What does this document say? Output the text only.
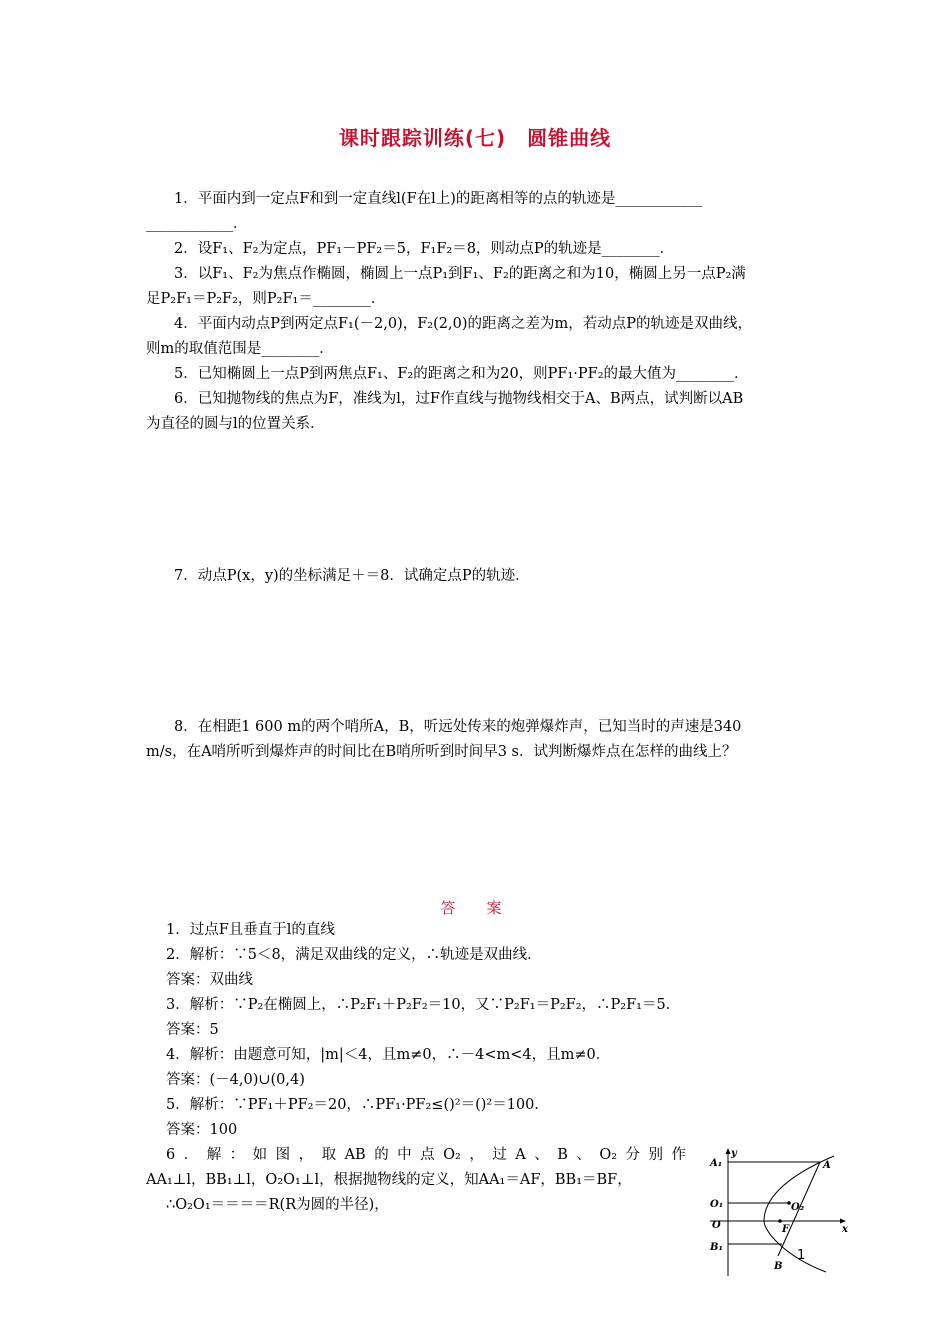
课时跟踪训练(七)　圆锥曲线

1．平面内到一定点F和到一定直线l(F在l上)的距离相等的点的轨迹是____________

____________．

2．设F₁、F₂为定点，PF₁－PF₂＝5，F₁F₂＝8，则动点P的轨迹是________．

3．以F₁、F₂为焦点作椭圆，椭圆上一点P₁到F₁、F₂的距离之和为10，椭圆上另一点P₂满

足P₂F₁＝P₂F₂，则P₂F₁＝________．

4．平面内动点P到两定点F₁(－2,0)，F₂(2,0)的距离之差为m，若动点P的轨迹是双曲线，

则m的取值范围是________．

5．已知椭圆上一点P到两焦点F₁、F₂的距离之和为20，则PF₁·PF₂的最大值为________．

6．已知抛物线的焦点为F，准线为l，过F作直线与抛物线相交于A、B两点，试判断以AB

为直径的圆与l的位置关系．

7．动点P(x，y)的坐标满足＋＝8．试确定点P的轨迹．

8．在相距1 600 m的两个哨所A，B，听远处传来的炮弹爆炸声，已知当时的声速是340

m/s，在A哨所听到爆炸声的时间比在B哨所听到时间早3 s．试判断爆炸点在怎样的曲线上？

答　案

1．过点F且垂直于l的直线

2．解析：∵5＜8，满足双曲线的定义，∴轨迹是双曲线．

答案：双曲线

3．解析：∵P₂在椭圆上，∴P₂F₁＋P₂F₂＝10，又∵P₂F₁＝P₂F₂，∴P₂F₁＝5．

答案：5

4．解析：由题意可知，|m|＜4，且m≠0，∴－4<m<4，且m≠0．

答案：(－4,0)∪(0,4)

5．解析：∵PF₁＋PF₂＝20，∴PF₁·PF₂≤()²＝()²＝100．

答案：100

6．解：如图，取AB的中点O₂，过A、B、O₂分别作

AA₁⊥l，BB₁⊥l，O₂O₁⊥l，根据抛物线的定义，知AA₁＝AF，BB₁＝BF，

∴O₂O₁＝＝＝＝R(R为圆的半径)，

A₁
y
A
O₁	O₂
O	F	x
B₁
B
1
